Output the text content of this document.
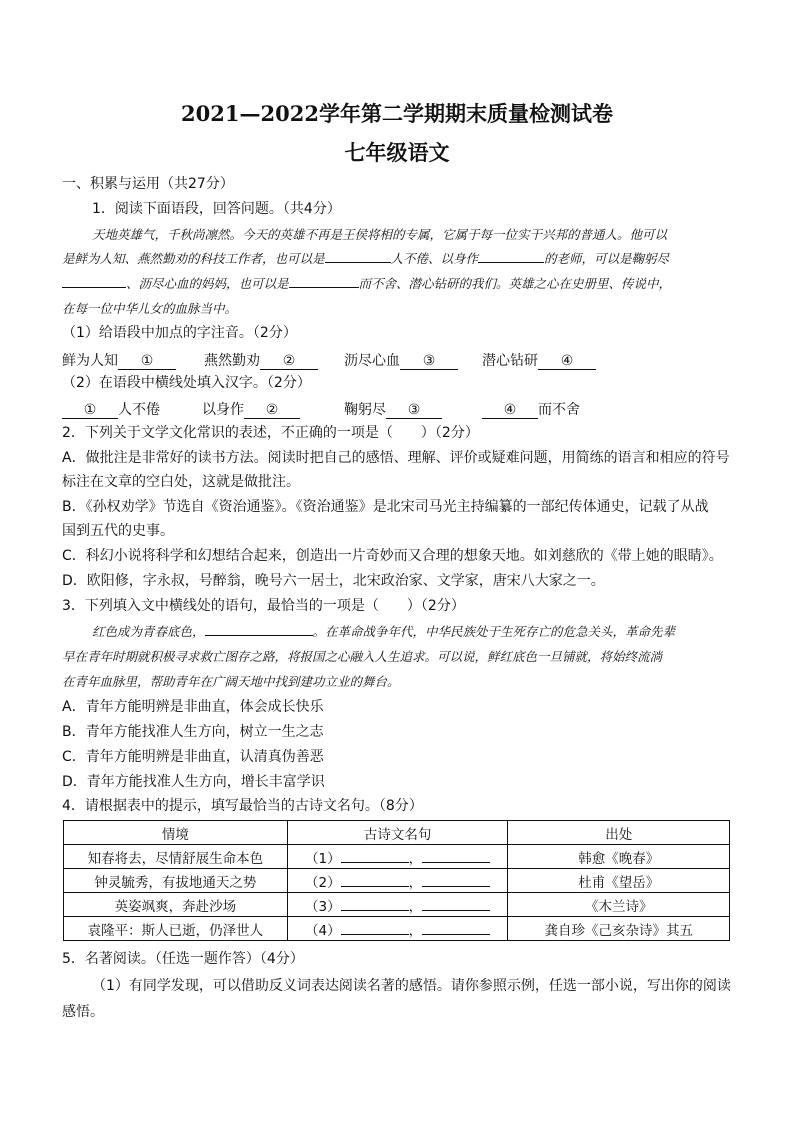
2021—2022学年第二学期期末质量检测试卷
七年级语文
一、积累与运用（共27分）
1．阅读下面语段，回答问题。（共4分）
天地英雄气，千秋尚凛然。今天的英雄不再是王侯将相的专属，它属于每一位实干兴邦的普通人。他可以
是鲜为人知、燕然勤劝的科技工作者，也可以是	人不倦、以身作	的老师，可以是鞠躬尽
、沥尽心血的妈妈，也可以是	而不舍、潜心钻研的我们。英雄之心在史册里、传说中，
在每一位中华儿女的血脉当中。
（1）给语段中加点的字注音。（2分）
鲜为人知 ①	燕然勤劝 ②	沥尽心血 ③	潜心钻研 ④
（2）在语段中横线处填入汉字。（2分）
① 人不倦	以身作 ②	鞠躬尽 ③	④ 而不舍
2．下列关于文学文化常识的表述，不正确的一项是（　　）（2分）
A．做批注是非常好的读书方法。阅读时把自己的感悟、理解、评价或疑难问题，用简练的语言和相应的符号
标注在文章的空白处，这就是做批注。
B．《孙权劝学》节选自《资治通鉴》。《资治通鉴》是北宋司马光主持编纂的一部纪传体通史，记载了从战
国到五代的史事。
C．科幻小说将科学和幻想结合起来，创造出一片奇妙而又合理的想象天地。如刘慈欣的《带上她的眼睛》。
D．欧阳修，字永叔，号醉翁，晚号六一居士，北宋政治家、文学家，唐宋八大家之一。
3．下列填入文中横线处的语句，最恰当的一项是（　　）（2分）
红色成为青春底色，	。在革命战争年代，中华民族处于生死存亡的危急关头，革命先辈
早在青年时期就积极寻求救亡图存之路，将报国之心融入人生追求。可以说，鲜红底色一旦铺就，将始终流淌
在青年血脉里，帮助青年在广阔天地中找到建功立业的舞台。
A．青年方能明辨是非曲直，体会成长快乐
B．青年方能找准人生方向，树立一生之志
C．青年方能明辨是非曲直，认清真伪善恶
D．青年方能找准人生方向，增长丰富学识
4．请根据表中的提示，填写最恰当的古诗文名句。（8分）
情境	古诗文名句	出处
知春将去，尽情舒展生命本色	（1） ，	韩愈《晚春》
钟灵毓秀，有拔地通天之势	（2） ，	杜甫《望岳》
英姿飒爽，奔赴沙场	（3） ，	《木兰诗》
袁隆平：斯人已逝，仍泽世人	（4） ，	龚自珍《己亥杂诗》其五
5．名著阅读。（任选一题作答）（4分）
（1）有同学发现，可以借助反义词表达阅读名著的感悟。请你参照示例，任选一部小说，写出你的阅读
感悟。
